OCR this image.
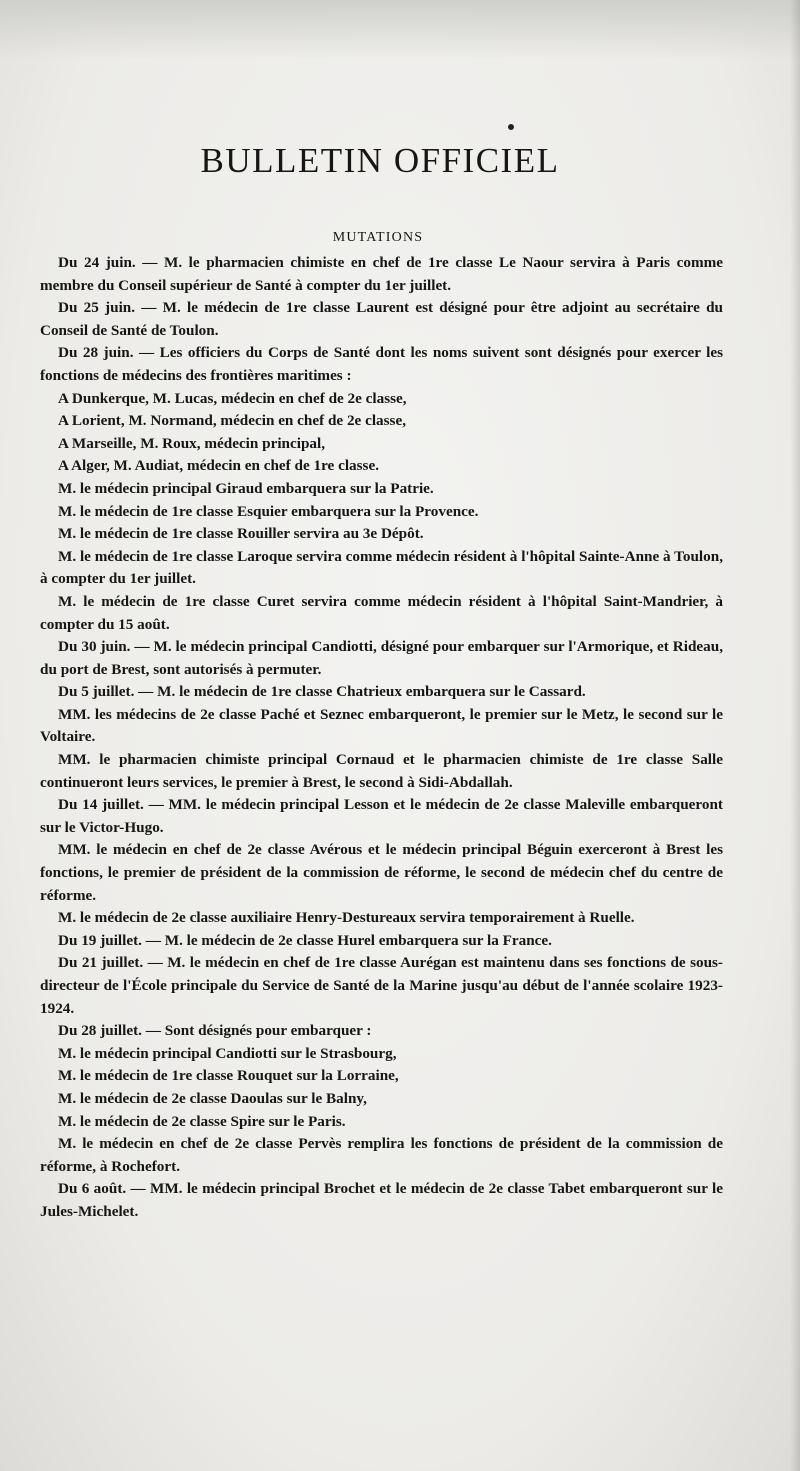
BULLETIN OFFICIEL
MUTATIONS

Du 24 juin. — M. le pharmacien chimiste en chef de 1re classe Le Naour servira à Paris comme membre du Conseil supérieur de Santé à compter du 1er juillet.

Du 25 juin. — M. le médecin de 1re classe Laurent est désigné pour être adjoint au secrétaire du Conseil de Santé de Toulon.

Du 28 juin. — Les officiers du Corps de Santé dont les noms suivent sont désignés pour exercer les fonctions de médecins des frontières maritimes :

A Dunkerque, M. Lucas, médecin en chef de 2e classe,

A Lorient, M. Normand, médecin en chef de 2e classe,

A Marseille, M. Roux, médecin principal,

A Alger, M. Audiat, médecin en chef de 1re classe.

M. le médecin principal Giraud embarquera sur la Patrie.

M. le médecin de 1re classe Esquier embarquera sur la Provence.

M. le médecin de 1re classe Rouiller servira au 3e Dépôt.

M. le médecin de 1re classe Laroque servira comme médecin résident à l'hôpital Sainte-Anne à Toulon, à compter du 1er juillet.

M. le médecin de 1re classe Curet servira comme médecin résident à l'hôpital Saint-Mandrier, à compter du 15 août.

Du 30 juin. — M. le médecin principal Candiotti, désigné pour embarquer sur l'Armorique, et Rideau, du port de Brest, sont autorisés à permuter.

Du 5 juillet. — M. le médecin de 1re classe Chatrieux embarquera sur le Cassard.

MM. les médecins de 2e classe Paché et Seznec embarqueront, le premier sur le Metz, le second sur le Voltaire.

MM. le pharmacien chimiste principal Cornaud et le pharmacien chimiste de 1re classe Salle continueront leurs services, le premier à Brest, le second à Sidi-Abdallah.

Du 14 juillet. — MM. le médecin principal Lesson et le médecin de 2e classe Maleville embarqueront sur le Victor-Hugo.

MM. le médecin en chef de 2e classe Avérous et le médecin principal Béguin exerceront à Brest les fonctions, le premier de président de la commission de réforme, le second de médecin chef du centre de réforme.

M. le médecin de 2e classe auxiliaire Henry-Destureaux servira temporairement à Ruelle.

Du 19 juillet. — M. le médecin de 2e classe Hurel embarquera sur la France.

Du 21 juillet. — M. le médecin en chef de 1re classe Aurégan est maintenu dans ses fonctions de sous-directeur de l'École principale du Service de Santé de la Marine jusqu'au début de l'année scolaire 1923-1924.

Du 28 juillet. — Sont désignés pour embarquer :

M. le médecin principal Candiotti sur le Strasbourg,

M. le médecin de 1re classe Rouquet sur la Lorraine,

M. le médecin de 2e classe Daoulas sur le Balny,

M. le médecin de 2e classe Spire sur le Paris.

M. le médecin en chef de 2e classe Pervès remplira les fonctions de président de la commission de réforme, à Rochefort.

Du 6 août. — MM. le médecin principal Brochet et le médecin de 2e classe Tabet embarqueront sur le Jules-Michelet.
